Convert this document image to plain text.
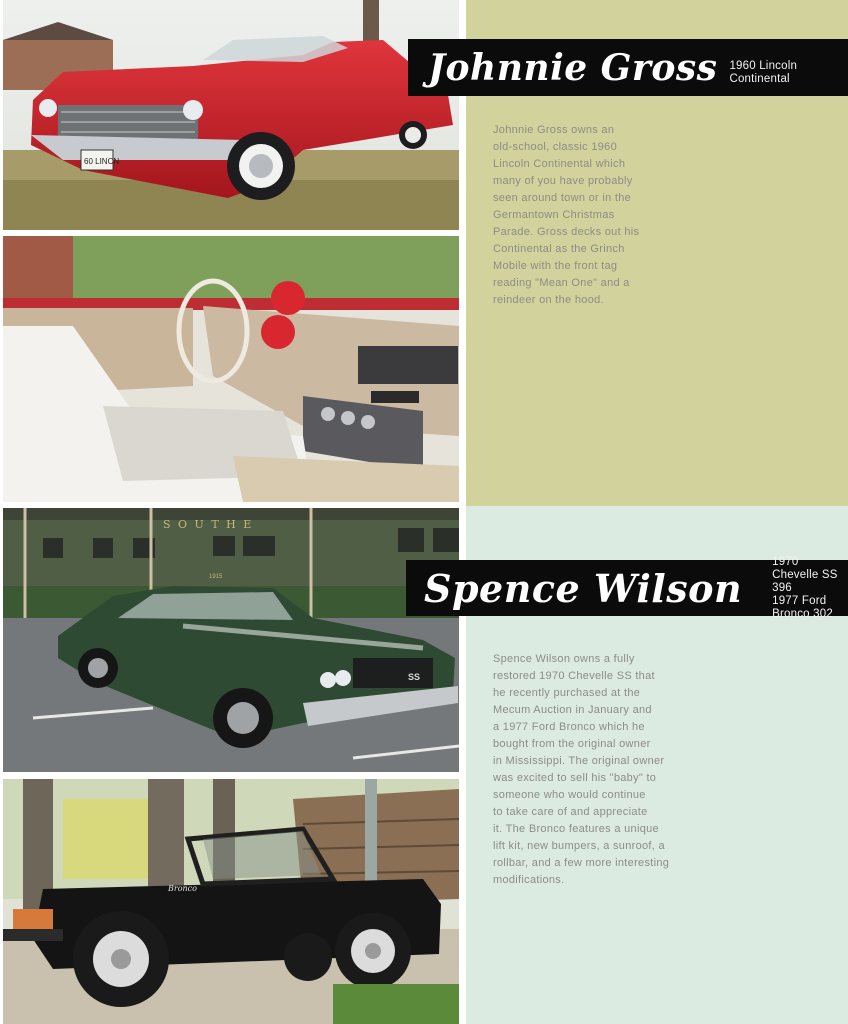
60 LINCN
S O U T H E
1915
SS
Bronco
Johnnie Gross 1960 Lincoln Continental
Spence Wilson
1970 Chevelle SS 396
1977 Ford Bronco 302
Johnnie Gross owns an
old-school, classic 1960
Lincoln Continental which
many of you have probably
seen around town or in the
Germantown Christmas
Parade. Gross decks out his
Continental as the Grinch
Mobile with the front tag
reading "Mean One" and a
reindeer on the hood.
Spence Wilson owns a fully
restored 1970 Chevelle SS that
he recently purchased at the
Mecum Auction in January and
a 1977 Ford Bronco which he
bought from the original owner
in Mississippi. The original owner
was excited to sell his "baby" to
someone who would continue
to take care of and appreciate
it. The Bronco features a unique
lift kit, new bumpers, a sunroof, a
rollbar, and a few more interesting
modifications.
